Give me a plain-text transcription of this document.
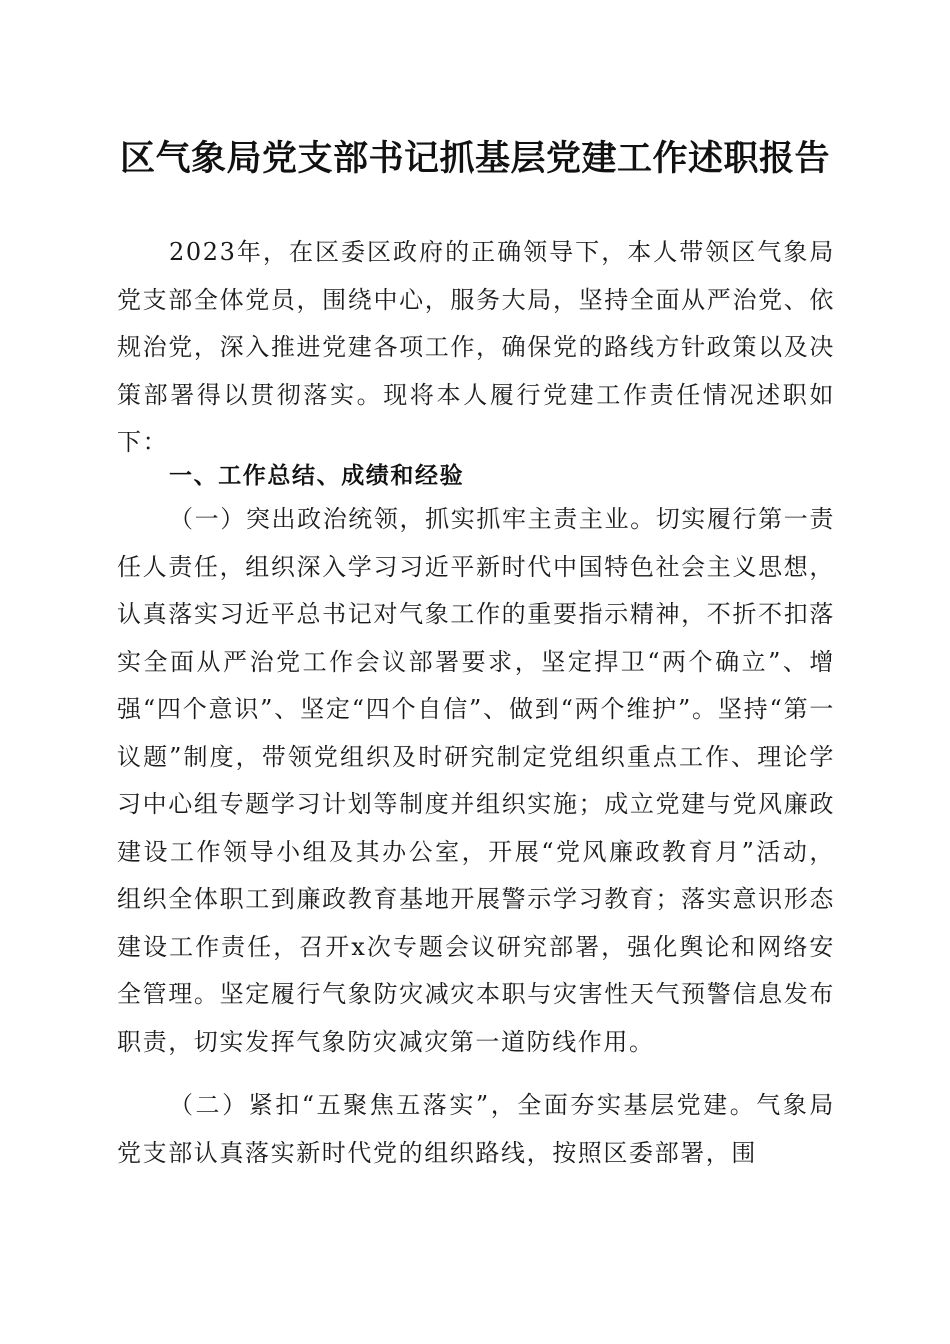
区气象局党支部书记抓基层党建工作述职报告

2023年，在区委区政府的正确领导下，本人带领区气象局党支部全体党员，围绕中心，服务大局，坚持全面从严治党、依规治党，深入推进党建各项工作，确保党的路线方针政策以及决策部署得以贯彻落实。现将本人履行党建工作责任情况述职如下：

一、工作总结、成绩和经验

（一）突出政治统领，抓实抓牢主责主业。切实履行第一责任人责任，组织深入学习习近平新时代中国特色社会主义思想，认真落实习近平总书记对气象工作的重要指示精神，不折不扣落实全面从严治党工作会议部署要求，坚定捍卫“两个确立”、增强“四个意识”、坚定“四个自信”、做到“两个维护”。坚持“第一议题”制度，带领党组织及时研究制定党组织重点工作、理论学习中心组专题学习计划等制度并组织实施；成立党建与党风廉政建设工作领导小组及其办公室，开展“党风廉政教育月”活动，组织全体职工到廉政教育基地开展警示学习教育；落实意识形态建设工作责任，召开x次专题会议研究部署，强化舆论和网络安全管理。坚定履行气象防灾减灾本职与灾害性天气预警信息发布职责，切实发挥气象防灾减灾第一道防线作用。

（二）紧扣“五聚焦五落实”，全面夯实基层党建。气象局党支部认真落实新时代党的组织路线，按照区委部署，围
